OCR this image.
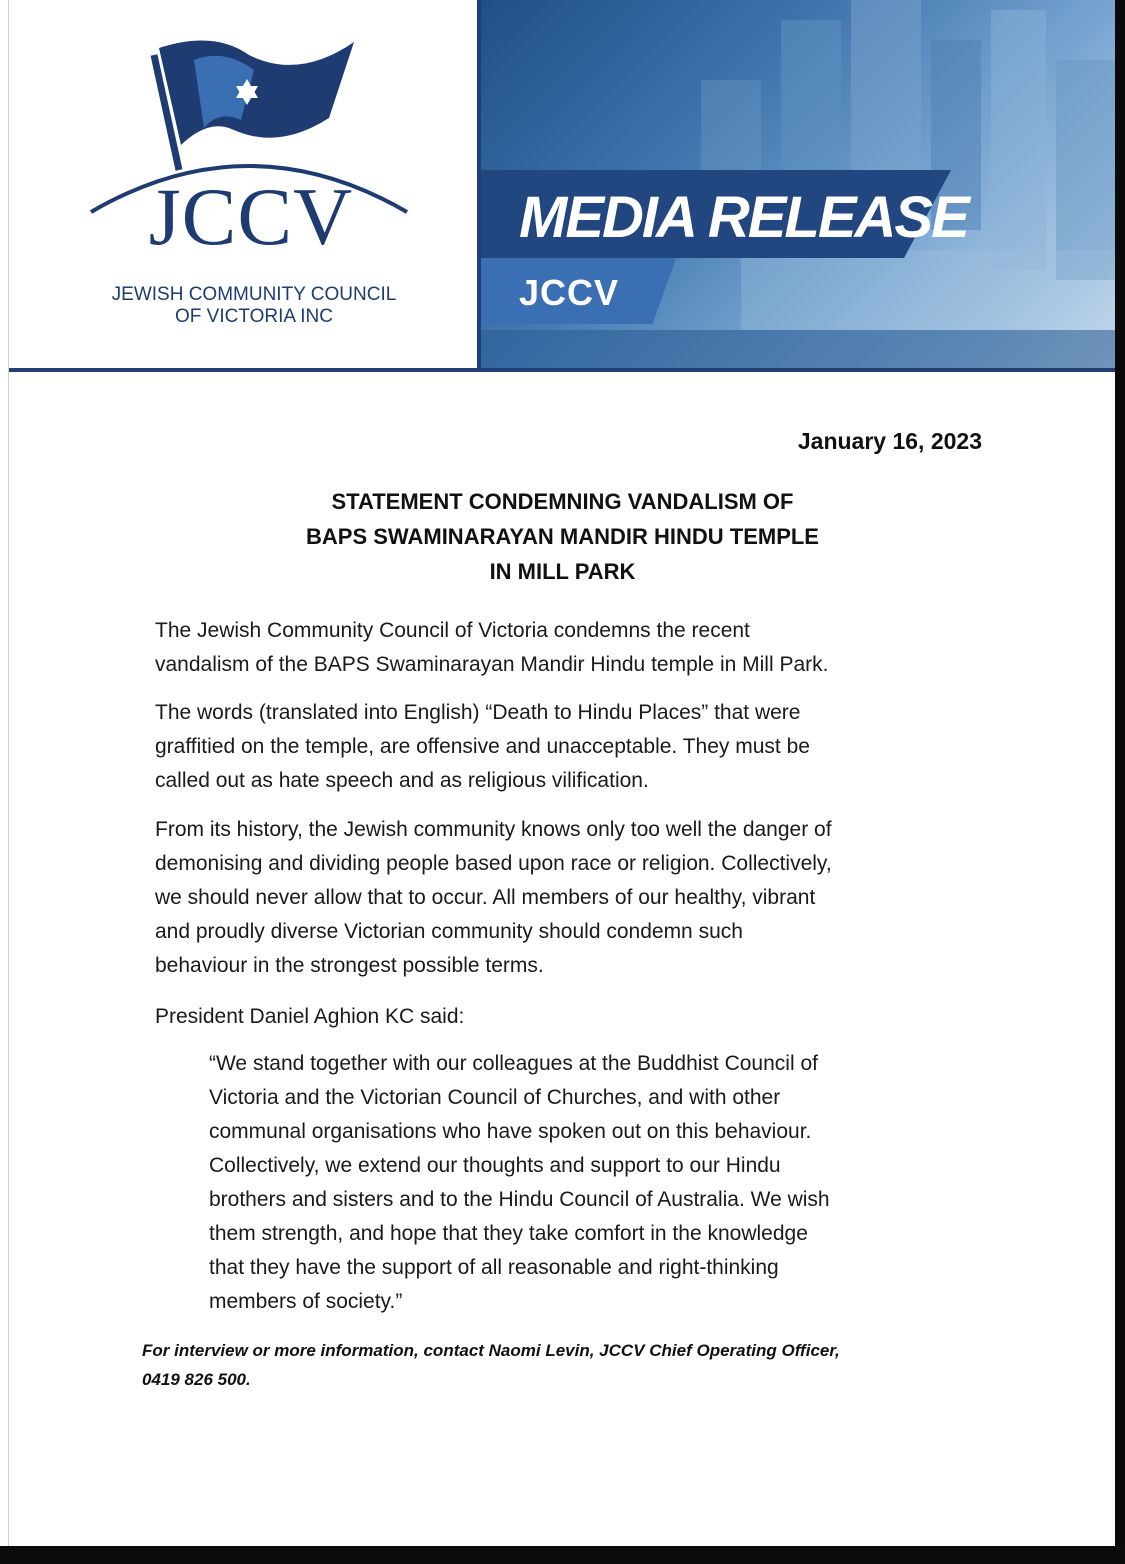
JCCV
JEWISH COMMUNITY COUNCIL
OF VICTORIA INC
MEDIA RELEASE
JCCV
January 16, 2023
STATEMENT CONDEMNING VANDALISM OF
BAPS SWAMINARAYAN MANDIR HINDU TEMPLE
IN MILL PARK
The Jewish Community Council of Victoria condemns the recent
vandalism of the BAPS Swaminarayan Mandir Hindu temple in Mill Park.
The words (translated into English) “Death to Hindu Places” that were
graffitied on the temple, are offensive and unacceptable. They must be
called out as hate speech and as religious vilification.
From its history, the Jewish community knows only too well the danger of
demonising and dividing people based upon race or religion. Collectively,
we should never allow that to occur. All members of our healthy, vibrant
and proudly diverse Victorian community should condemn such
behaviour in the strongest possible terms.
President Daniel Aghion KC said:
“We stand together with our colleagues at the Buddhist Council of
Victoria and the Victorian Council of Churches, and with other
communal organisations who have spoken out on this behaviour.
Collectively, we extend our thoughts and support to our Hindu
brothers and sisters and to the Hindu Council of Australia. We wish
them strength, and hope that they take comfort in the knowledge
that they have the support of all reasonable and right-thinking
members of society.”
For interview or more information, contact Naomi Levin, JCCV Chief Operating Officer,
0419 826 500.
